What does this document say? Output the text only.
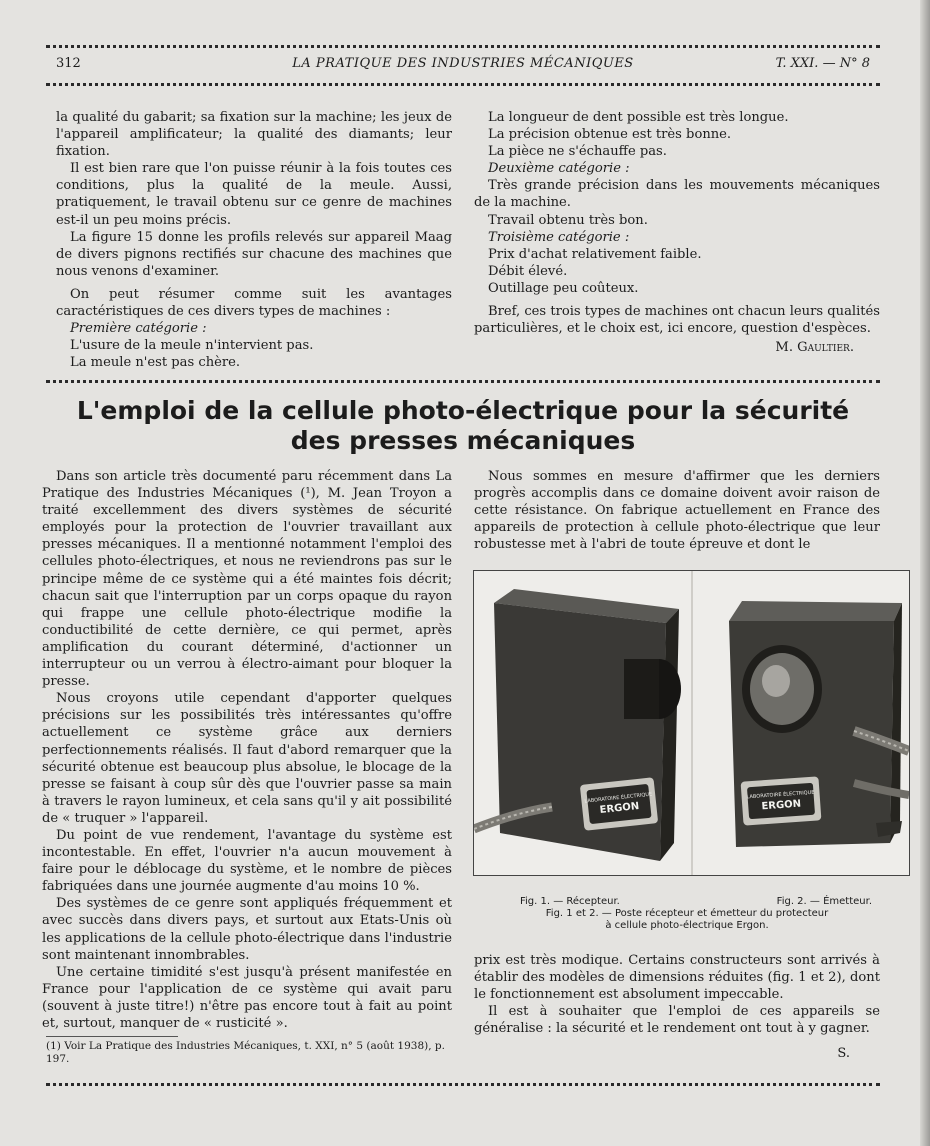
312	LA PRATIQUE DES INDUSTRIES MÉCANIQUES	T. XXI. — N° 8

la qualité du gabarit; sa fixation sur la machine; les jeux de l'appareil amplificateur; la qualité des diamants; leur fixation.

Il est bien rare que l'on puisse réunir à la fois toutes ces conditions, plus la qualité de la meule. Aussi, pratiquement, le travail obtenu sur ce genre de machines est-il un peu moins précis.

La figure 15 donne les profils relevés sur appareil Maag de divers pignons rectifiés sur chacune des machines que nous venons d'examiner.

On peut résumer comme suit les avantages caractéristiques de ces divers types de machines :

Première catégorie :

L'usure de la meule n'intervient pas.

La meule n'est pas chère.

La longueur de dent possible est très longue.

La précision obtenue est très bonne.

La pièce ne s'échauffe pas.

Deuxième catégorie :

Très grande précision dans les mouvements mécaniques de la machine.

Travail obtenu très bon.

Troisième catégorie :

Prix d'achat relativement faible.

Débit élevé.

Outillage peu coûteux.

Bref, ces trois types de machines ont chacun leurs qualités particulières, et le choix est, ici encore, question d'espèces.

M. Gaultier.
L'emploi de la cellule photo-électrique pour la sécurité
des presses mécaniques

Dans son article très documenté paru récemment dans La Pratique des Industries Mécaniques (¹), M. Jean Troyon a traité excellemment des divers systèmes de sécurité employés pour la protection de l'ouvrier travaillant aux presses mécaniques. Il a mentionné notamment l'emploi des cellules photo-électriques, et nous ne reviendrons pas sur le principe même de ce système qui a été maintes fois décrit; chacun sait que l'interruption par un corps opaque du rayon qui frappe une cellule photo-électrique modifie la conductibilité de cette dernière, ce qui permet, après amplification du courant déterminé, d'actionner un interrupteur ou un verrou à électro-aimant pour bloquer la presse.

Nous croyons utile cependant d'apporter quelques précisions sur les possibilités très intéressantes qu'offre actuellement ce système grâce aux derniers perfectionnements réalisés. Il faut d'abord remarquer que la sécurité obtenue est beaucoup plus absolue, le blocage de la presse se faisant à coup sûr dès que l'ouvrier passe sa main à travers le rayon lumineux, et cela sans qu'il y ait possibilité de « truquer » l'appareil.

Du point de vue rendement, l'avantage du système est incontestable. En effet, l'ouvrier n'a aucun mouvement à faire pour le déblocage du système, et le nombre de pièces fabriquées dans une journée augmente d'au moins 10 %.

Des systèmes de ce genre sont appliqués fréquemment et avec succès dans divers pays, et surtout aux Etats-Unis où les applications de la cellule photo-électrique dans l'industrie sont maintenant innombrables.

Une certaine timidité s'est jusqu'à présent manifestée en France pour l'application de ce système qui avait paru (souvent à juste titre!) n'être pas encore tout à fait au point et, surtout, manquer de « rusticité ».

(1) Voir La Pratique des Industries Mécaniques, t. XXI, n° 5 (août 1938), p. 197.

Nous sommes en mesure d'affirmer que les derniers progrès accomplis dans ce domaine doivent avoir raison de cette résistance. On fabrique actuellement en France des appareils de protection à cellule photo-électrique que leur robustesse met à l'abri de toute épreuve et dont le

LABORATOIRE ÉLECTRIQUE
ERGON
LABORATOIRE ÉLECTRIQUE
ERGON
Fig. 1. — Récepteur.	Fig. 2. — Émetteur.
Fig. 1 et 2. — Poste récepteur et émetteur du protecteur
à cellule photo-électrique Ergon.

prix est très modique. Certains constructeurs sont arrivés à établir des modèles de dimensions réduites (fig. 1 et 2), dont le fonctionnement est absolument impeccable.

Il est à souhaiter que l'emploi de ces appareils se généralise : la sécurité et le rendement ont tout à y gagner.

S.
